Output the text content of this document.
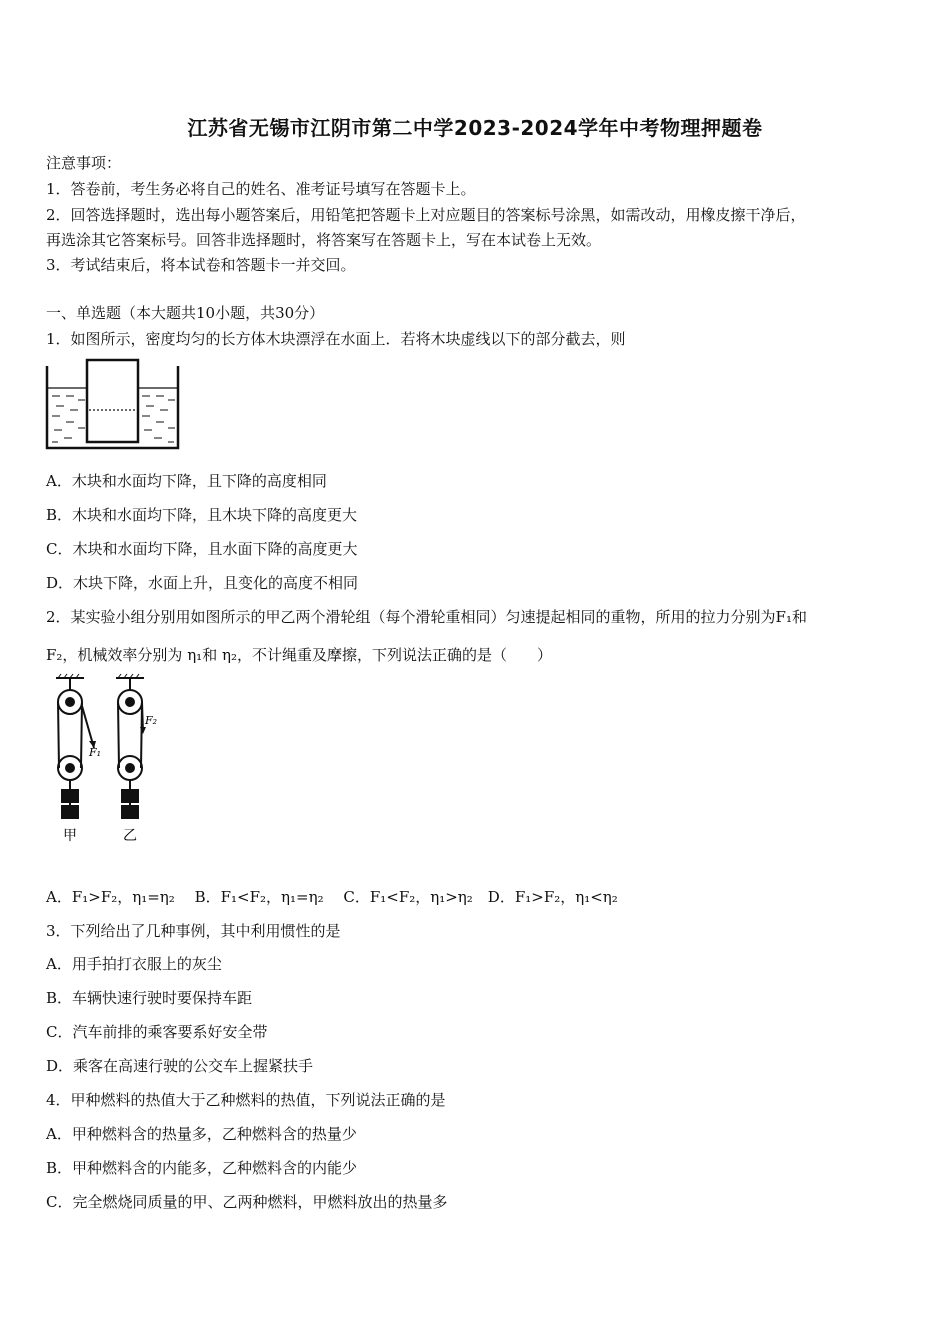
江苏省无锡市江阴市第二中学2023-2024学年中考物理押题卷
注意事项：
1．答卷前，考生务必将自己的姓名、准考证号填写在答题卡上。
2．回答选择题时，选出每小题答案后，用铅笔把答题卡上对应题目的答案标号涂黑，如需改动，用橡皮擦干净后，
再选涂其它答案标号。回答非选择题时，将答案写在答题卡上，写在本试卷上无效。
3．考试结束后，将本试卷和答题卡一并交回。
一、单选题（本大题共10小题，共30分）
1．如图所示，密度均匀的长方体木块漂浮在水面上．若将木块虚线以下的部分截去，则
A．木块和水面均下降，且下降的高度相同
B．木块和水面均下降，且木块下降的高度更大
C．木块和水面均下降，且水面下降的高度更大
D．木块下降，水面上升，且变化的高度不相同
2．某实验小组分别用如图所示的甲乙两个滑轮组（每个滑轮重相同）匀速提起相同的重物，所用的拉力分别为F₁和
F₂，机械效率分别为 η₁和 η₂，不计绳重及摩擦，下列说法正确的是（　　）
F₁
F₂
甲	乙
A．F₁>F₂，η₁=η₂　 B．F₁<F₂，η₁=η₂　 C．F₁<F₂，η₁>η₂　D．F₁>F₂，η₁<η₂
3．下列给出了几种事例，其中利用惯性的是
A．用手拍打衣服上的灰尘
B．车辆快速行驶时要保持车距
C．汽车前排的乘客要系好安全带
D．乘客在高速行驶的公交车上握紧扶手
4．甲种燃料的热值大于乙种燃料的热值，下列说法正确的是
A．甲种燃料含的热量多，乙种燃料含的热量少
B．甲种燃料含的内能多，乙种燃料含的内能少
C．完全燃烧同质量的甲、乙两种燃料，甲燃料放出的热量多
